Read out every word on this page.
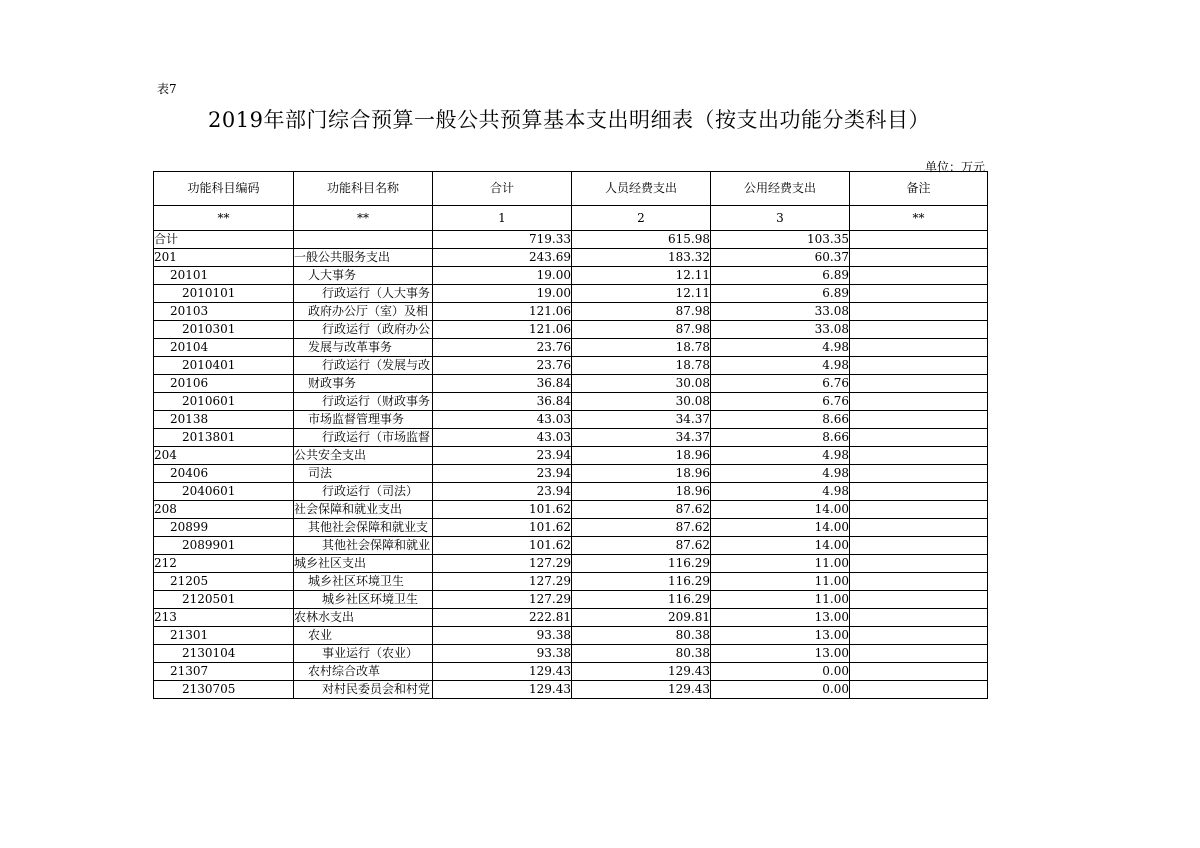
表7
2019年部门综合预算一般公共预算基本支出明细表（按支出功能分类科目）
单位：万元
功能科目编码	功能科目名称	合计	人员经费支出	公用经费支出	备注
**	**	1	2	3	**
合计		719.33	615.98	103.35	
201	一般公共服务支出	243.69	183.32	60.37	
20101	人大事务	19.00	12.11	6.89	
2010101	行政运行（人大事务	19.00	12.11	6.89	
20103	政府办公厅（室）及相	121.06	87.98	33.08	
2010301	行政运行（政府办公	121.06	87.98	33.08	
20104	发展与改革事务	23.76	18.78	4.98	
2010401	行政运行（发展与改	23.76	18.78	4.98	
20106	财政事务	36.84	30.08	6.76	
2010601	行政运行（财政事务	36.84	30.08	6.76	
20138	市场监督管理事务	43.03	34.37	8.66	
2013801	行政运行（市场监督	43.03	34.37	8.66	
204	公共安全支出	23.94	18.96	4.98	
20406	司法	23.94	18.96	4.98	
2040601	行政运行（司法）	23.94	18.96	4.98	
208	社会保障和就业支出	101.62	87.62	14.00	
20899	其他社会保障和就业支	101.62	87.62	14.00	
2089901	其他社会保障和就业	101.62	87.62	14.00	
212	城乡社区支出	127.29	116.29	11.00	
21205	城乡社区环境卫生	127.29	116.29	11.00	
2120501	城乡社区环境卫生	127.29	116.29	11.00	
213	农林水支出	222.81	209.81	13.00	
21301	农业	93.38	80.38	13.00	
2130104	事业运行（农业）	93.38	80.38	13.00	
21307	农村综合改革	129.43	129.43	0.00	
2130705	对村民委员会和村党	129.43	129.43	0.00	
